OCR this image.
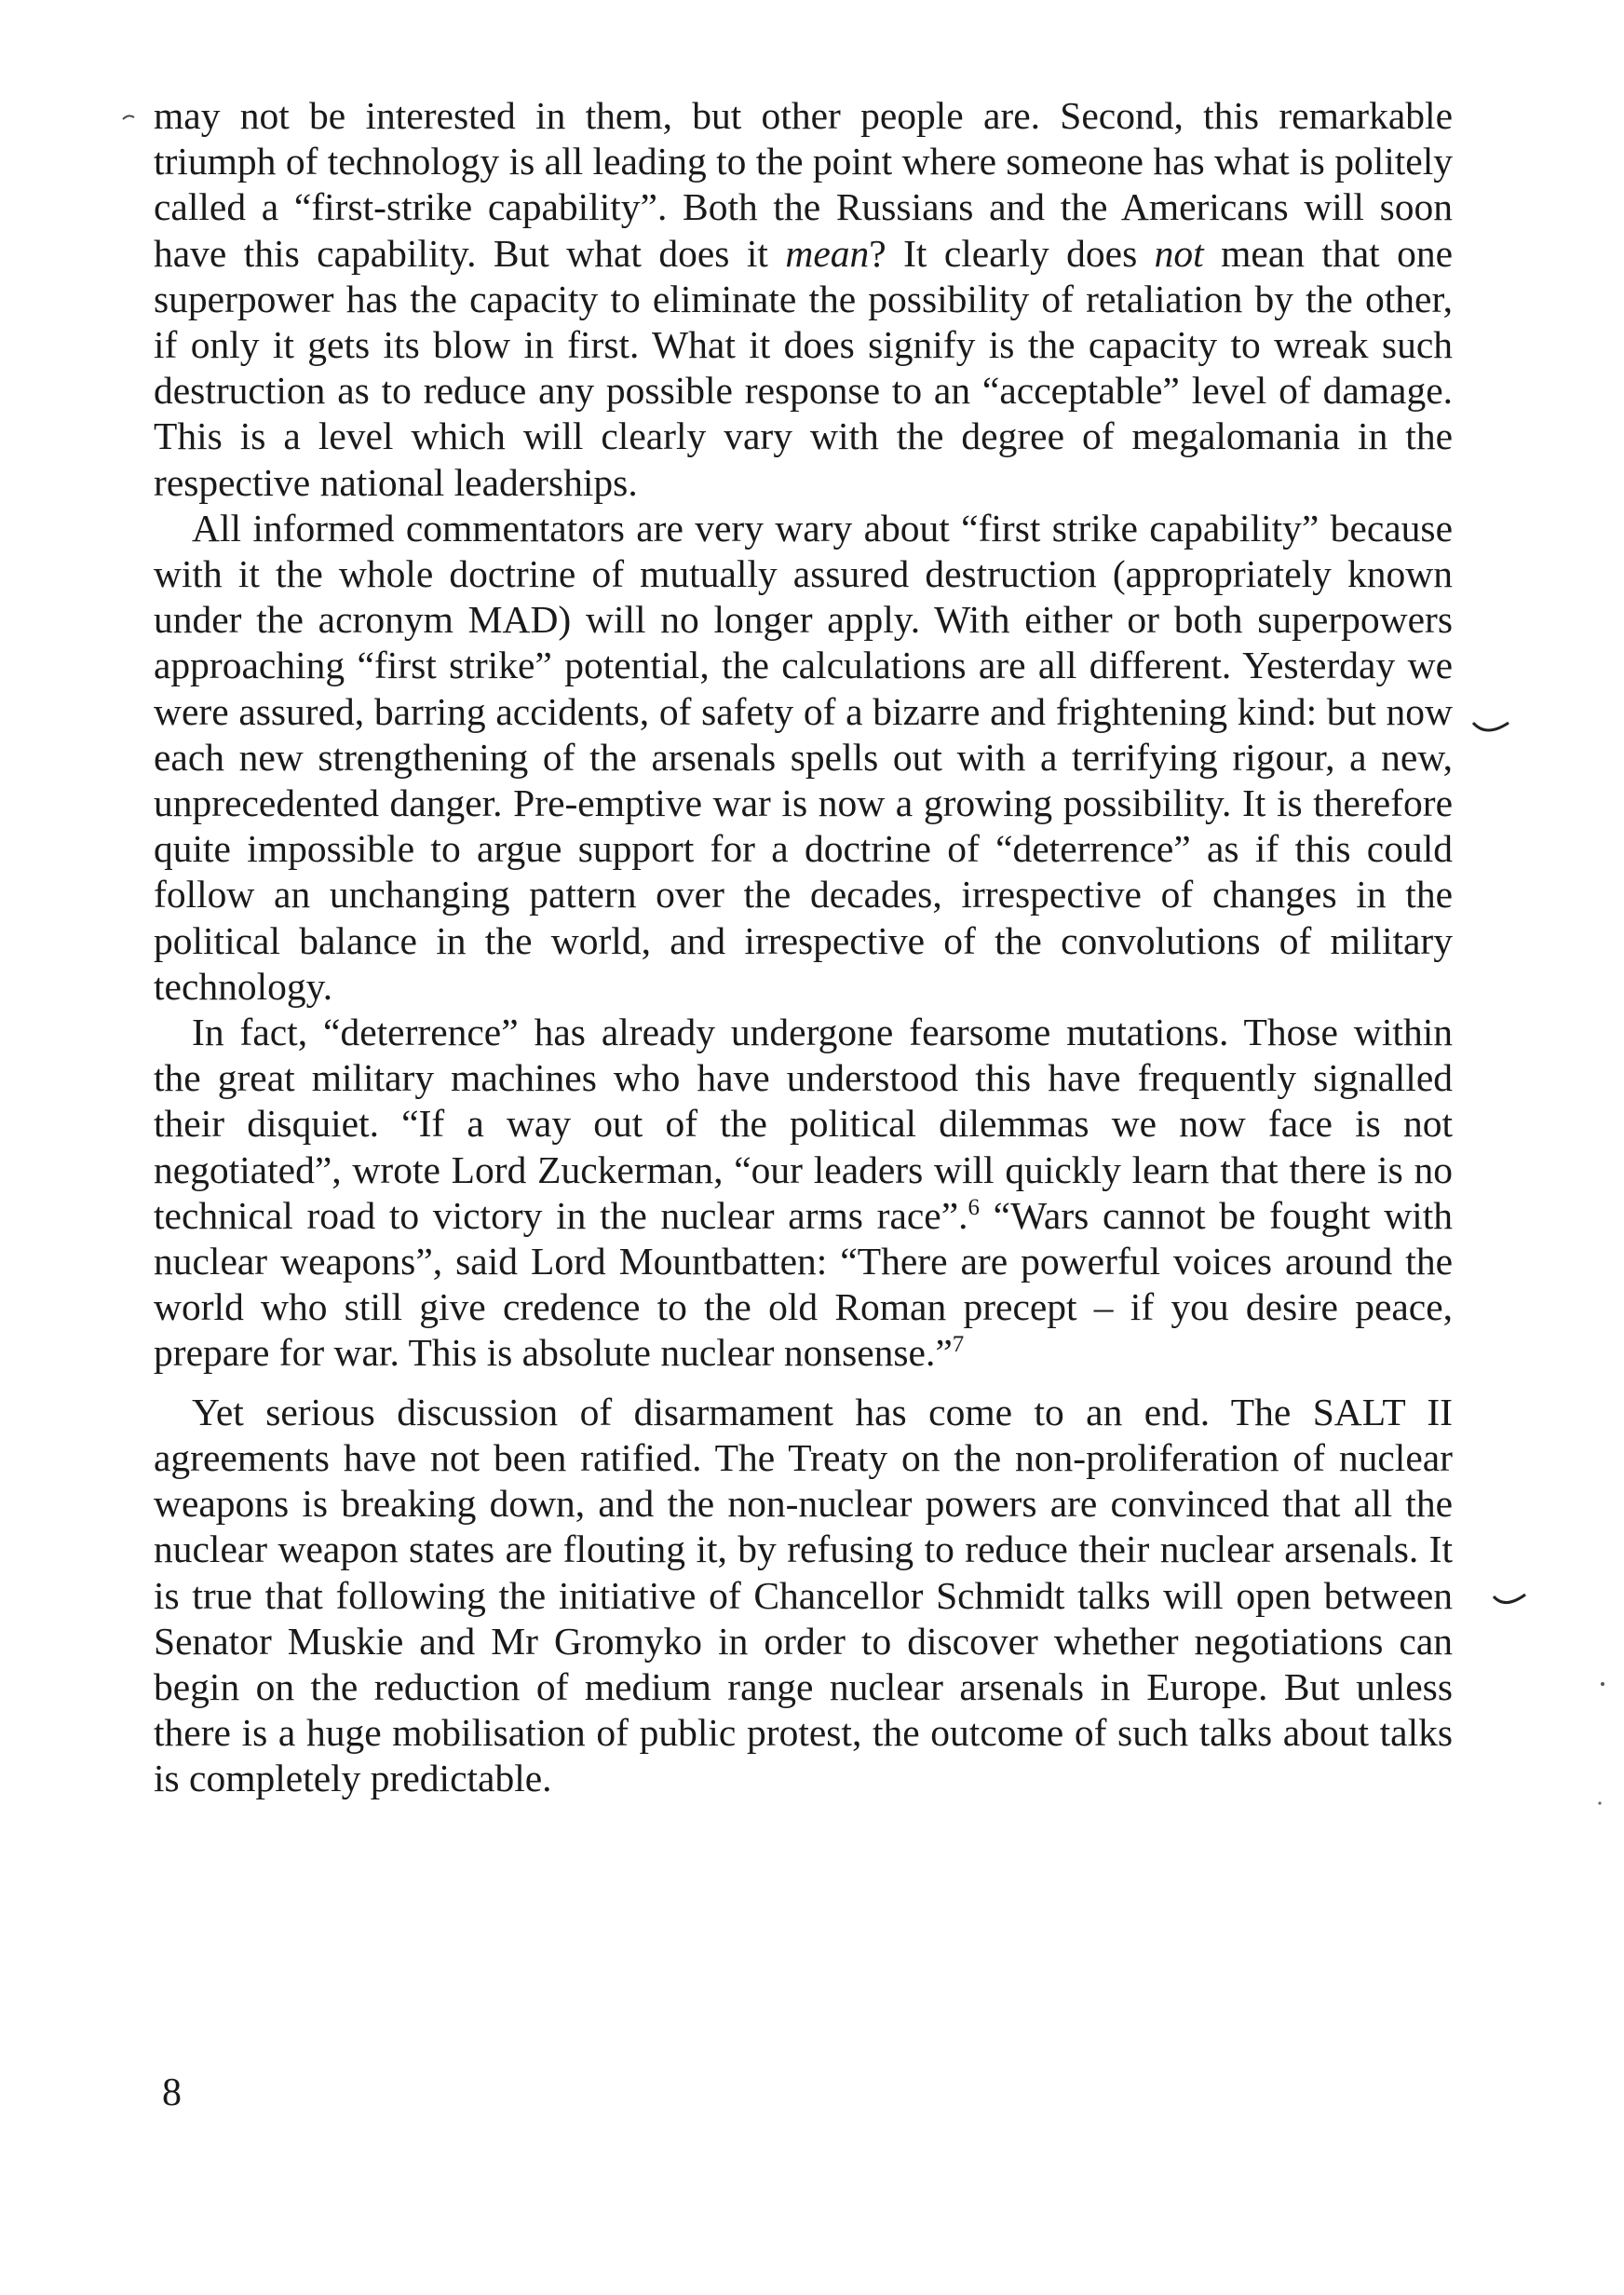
may not be interested in them, but other people are. Second, this remarkable triumph of technology is all leading to the point where someone has what is politely called a “first-strike capability”. Both the Russians and the Americans will soon have this capability. But what does it mean? It clearly does not mean that one superpower has the capacity to eliminate the possibility of retaliation by the other, if only it gets its blow in first. What it does signify is the capacity to wreak such destruction as to reduce any possible response to an “acceptable” level of damage. This is a level which will clearly vary with the degree of megalomania in the respective national leaderships.

All informed commentators are very wary about “first strike capability” because with it the whole doctrine of mutually assured destruction (appropriately known under the acronym MAD) will no longer apply. With either or both superpowers approaching “first strike” potential, the calculations are all different. Yesterday we were assured, barring accidents, of safety of a bizarre and frightening kind: but now each new strengthening of the arsenals spells out with a terrifying rigour, a new, unprecedented danger. Pre-emptive war is now a growing possibility. It is therefore quite impossible to argue support for a doctrine of “deterrence” as if this could follow an unchanging pattern over the decades, irrespective of changes in the political balance in the world, and irrespective of the convolutions of military technology.

In fact, “deterrence” has already undergone fearsome mutations. Those within the great military machines who have understood this have frequently signalled their disquiet. “If a way out of the political dilemmas we now face is not negotiated”, wrote Lord Zuckerman, “our leaders will quickly learn that there is no technical road to victory in the nuclear arms race”.$^6$ “Wars cannot be fought with nuclear weapons”, said Lord Mountbatten: “There are powerful voices around the world who still give credence to the old Roman precept – if you desire peace, prepare for war. This is absolute nuclear nonsense.”$^7$

Yet serious discussion of disarmament has come to an end. The SALT II agreements have not been ratified. The Treaty on the non-proliferation of nuclear weapons is breaking down, and the non-nuclear powers are convinced that all the nuclear weapon states are flouting it, by refusing to reduce their nuclear arsenals. It is true that following the initiative of Chancellor Schmidt talks will open between Senator Muskie and Mr Gromyko in order to discover whether negotiations can begin on the reduction of medium range nuclear arsenals in Europe. But unless there is a huge mobilisation of public protest, the outcome of such talks about talks is completely predictable.

8
